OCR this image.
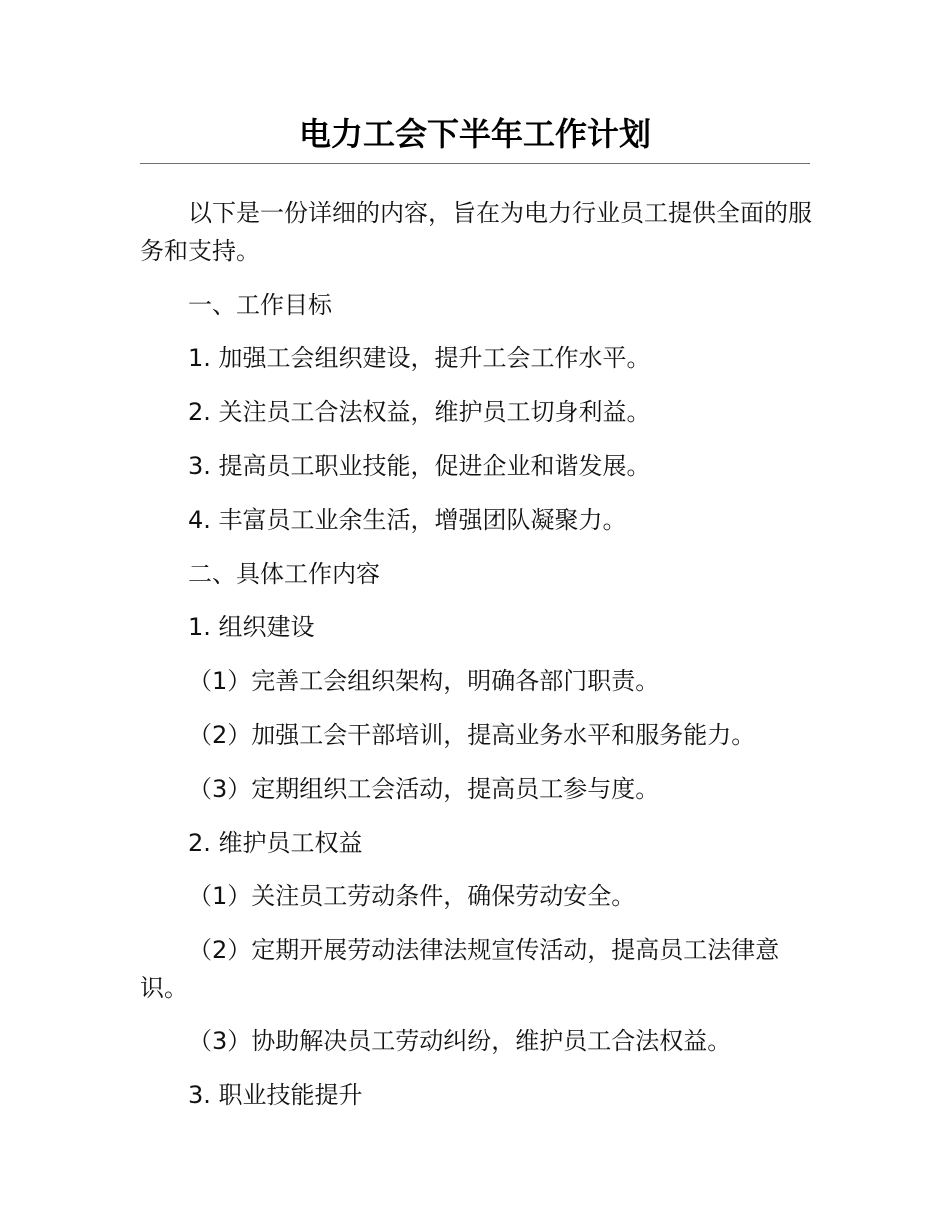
电力工会下半年工作计划

以下是一份详细的内容，旨在为电力行业员工提供全面的服务和支持。

一、工作目标

1. 加强工会组织建设，提升工会工作水平。

2. 关注员工合法权益，维护员工切身利益。

3. 提高员工职业技能，促进企业和谐发展。

4. 丰富员工业余生活，增强团队凝聚力。

二、具体工作内容

1. 组织建设

（1）完善工会组织架构，明确各部门职责。

（2）加强工会干部培训，提高业务水平和服务能力。

（3）定期组织工会活动，提高员工参与度。

2. 维护员工权益

（1）关注员工劳动条件，确保劳动安全。

（2）定期开展劳动法律法规宣传活动，提高员工法律意识。

（3）协助解决员工劳动纠纷，维护员工合法权益。

3. 职业技能提升
